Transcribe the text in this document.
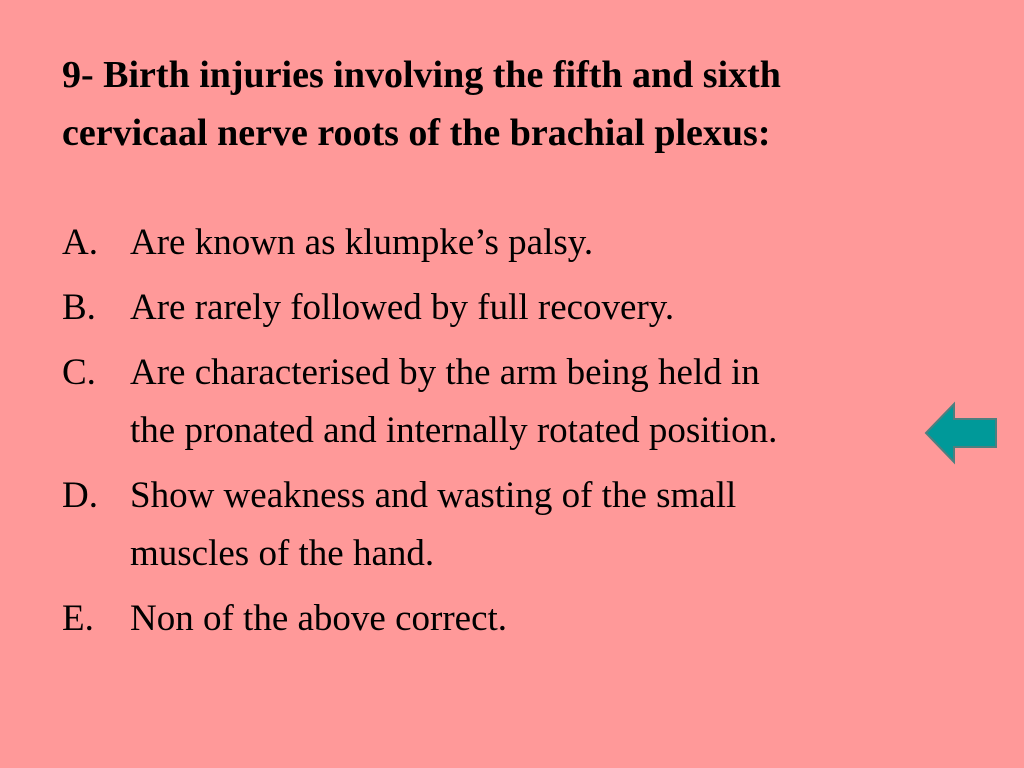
9- Birth injuries involving the fifth and sixth
cervicaal nerve roots of the brachial plexus:
A. Are known as klumpke’s palsy.
B. Are rarely followed by full recovery.
C. Are characterised by the arm being held in
the pronated and internally rotated position.
D. Show weakness and wasting of the small
muscles of the hand.
E. Non of the above correct.
